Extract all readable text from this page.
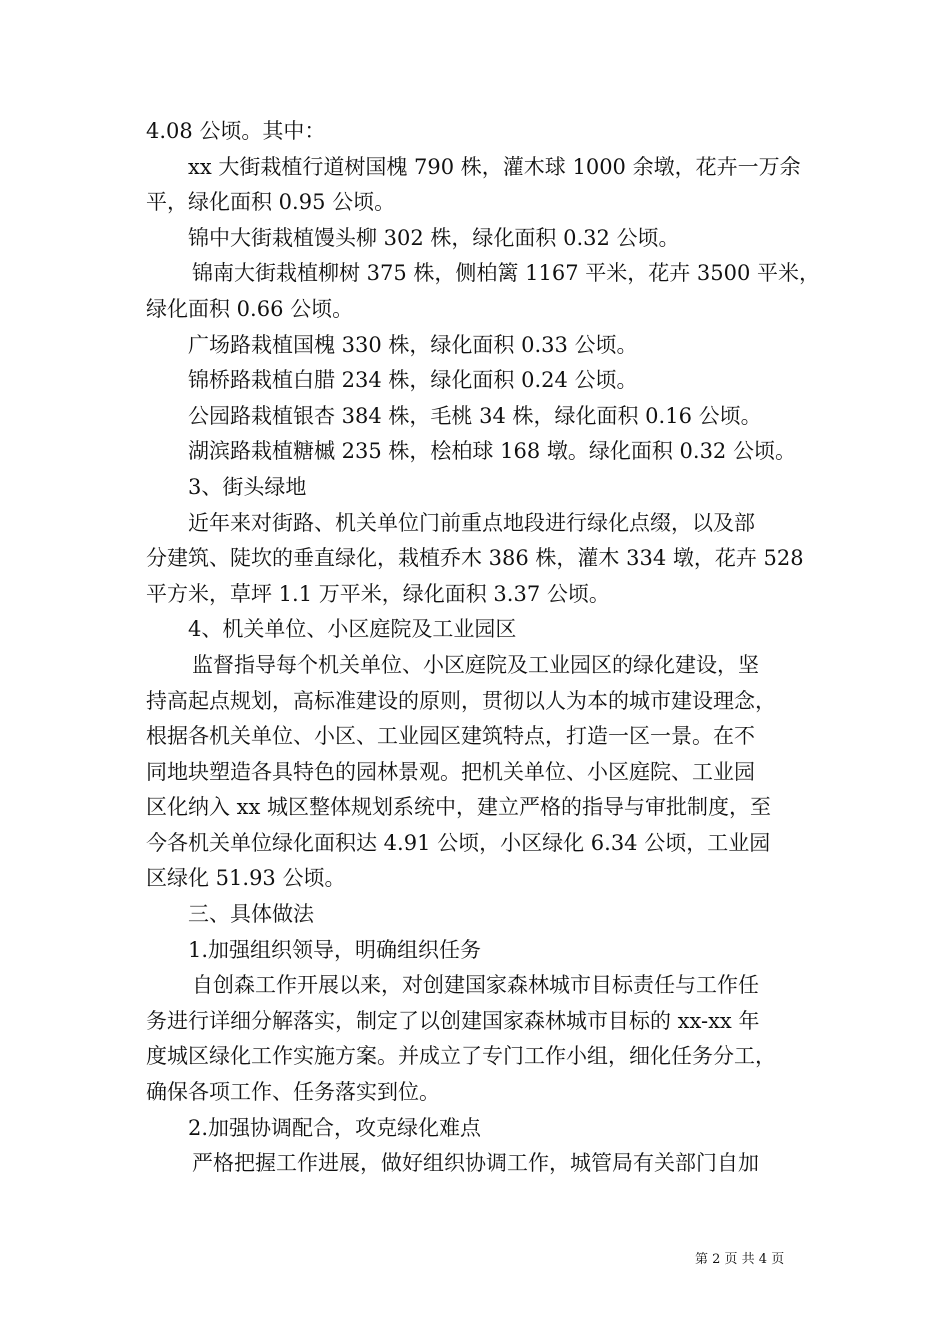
4.08 公顷。其中：

xx 大街栽植行道树国槐 790 株，灌木球 1000 余墩，花卉一万余

平，绿化面积 0.95 公顷。

锦中大街栽植馒头柳 302 株，绿化面积 0.32 公顷。

锦南大街栽植柳树 375 株，侧柏篱 1167 平米，花卉 3500 平米，

绿化面积 0.66 公顷。

广场路栽植国槐 330 株，绿化面积 0.33 公顷。

锦桥路栽植白腊 234 株，绿化面积 0.24 公顷。

公园路栽植银杏 384 株，毛桃 34 株，绿化面积 0.16 公顷。

湖滨路栽植糖槭 235 株，桧柏球 168 墩。绿化面积 0.32 公顷。

3、街头绿地

近年来对街路、机关单位门前重点地段进行绿化点缀，以及部

分建筑、陡坎的垂直绿化，栽植乔木 386 株，灌木 334 墩，花卉 528

平方米，草坪 1.1 万平米，绿化面积 3.37 公顷。

4、机关单位、小区庭院及工业园区

监督指导每个机关单位、小区庭院及工业园区的绿化建设，坚

持高起点规划，高标准建设的原则，贯彻以人为本的城市建设理念，

根据各机关单位、小区、工业园区建筑特点，打造一区一景。在不

同地块塑造各具特色的园林景观。把机关单位、小区庭院、工业园

区化纳入 xx 城区整体规划系统中，建立严格的指导与审批制度，至

今各机关单位绿化面积达 4.91 公顷，小区绿化 6.34 公顷，工业园

区绿化 51.93 公顷。

三、具体做法

1.加强组织领导，明确组织任务

自创森工作开展以来，对创建国家森林城市目标责任与工作任

务进行详细分解落实，制定了以创建国家森林城市目标的 xx-xx 年

度城区绿化工作实施方案。并成立了专门工作小组，细化任务分工，

确保各项工作、任务落实到位。

2.加强协调配合，攻克绿化难点

严格把握工作进展，做好组织协调工作，城管局有关部门自加

第 2 页 共 4 页
